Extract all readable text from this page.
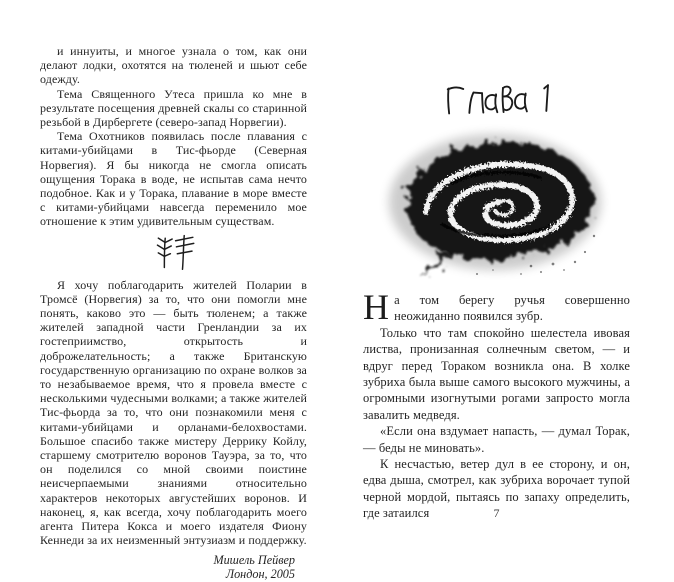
и иннуиты, и многое узнала о том, как они делают лодки, охотятся на тюленей и шьют себе одежду.

Тема Священного Утеса пришла ко мне в результате посещения древней скалы со старинной резьбой в Дирбергете (северо-запад Норвегии).

Тема Охотников появилась после плавания с китами-убийцами в Тис-фьорде (Северная Норвегия). Я бы никогда не смогла описать ощущения Торака в воде, не испытав сама нечто подобное. Как и у Торака, плавание в море вместе с китами-убийцами навсегда переменило мое отношение к этим удивительным существам.

Я хочу поблагодарить жителей Поларии в Тромсё (Норвегия) за то, что они помогли мне понять, каково это — быть тюленем; а также жителей западной части Гренландии за их гостеприимство, открытость и доброжелательность; а также Британскую государственную организацию по охране волков за то незабываемое время, что я провела вместе с несколькими чудесными волками; а также жителей Тис-фьорда за то, что они познакомили меня с китами-убийцами и орланами-белохвостами. Большое спасибо также мистеру Деррику Койлу, старшему смотрителю воронов Тауэра, за то, что он поделился со мной своими поистине неисчерпаемыми знаниями относительно характеров некоторых августейших воронов. И наконец, я, как всегда, хочу поблагодарить моего агента Питера Кокса и моего издателя Фиону Кеннеди за их неизменный энтузиазм и поддержку.

Мишель Пейвер
Лондон, 2005

На том берегу ручья совершенно неожиданно появился зубр.

Только что там спокойно шелестела ивовая листва, пронизанная солнечным светом, — и вдруг перед Тораком возникла она. В холке зубриха была выше самого высокого мужчины, а огромными изогнутыми рогами запросто могла завалить медведя.

«Если она вздумает напасть, — думал Торак, — беды не миновать».

К несчастью, ветер дул в ее сторону, и он, едва дыша, смотрел, как зубриха ворочает тупой черной мордой, пытаясь по запаху определить, где затаился	7
